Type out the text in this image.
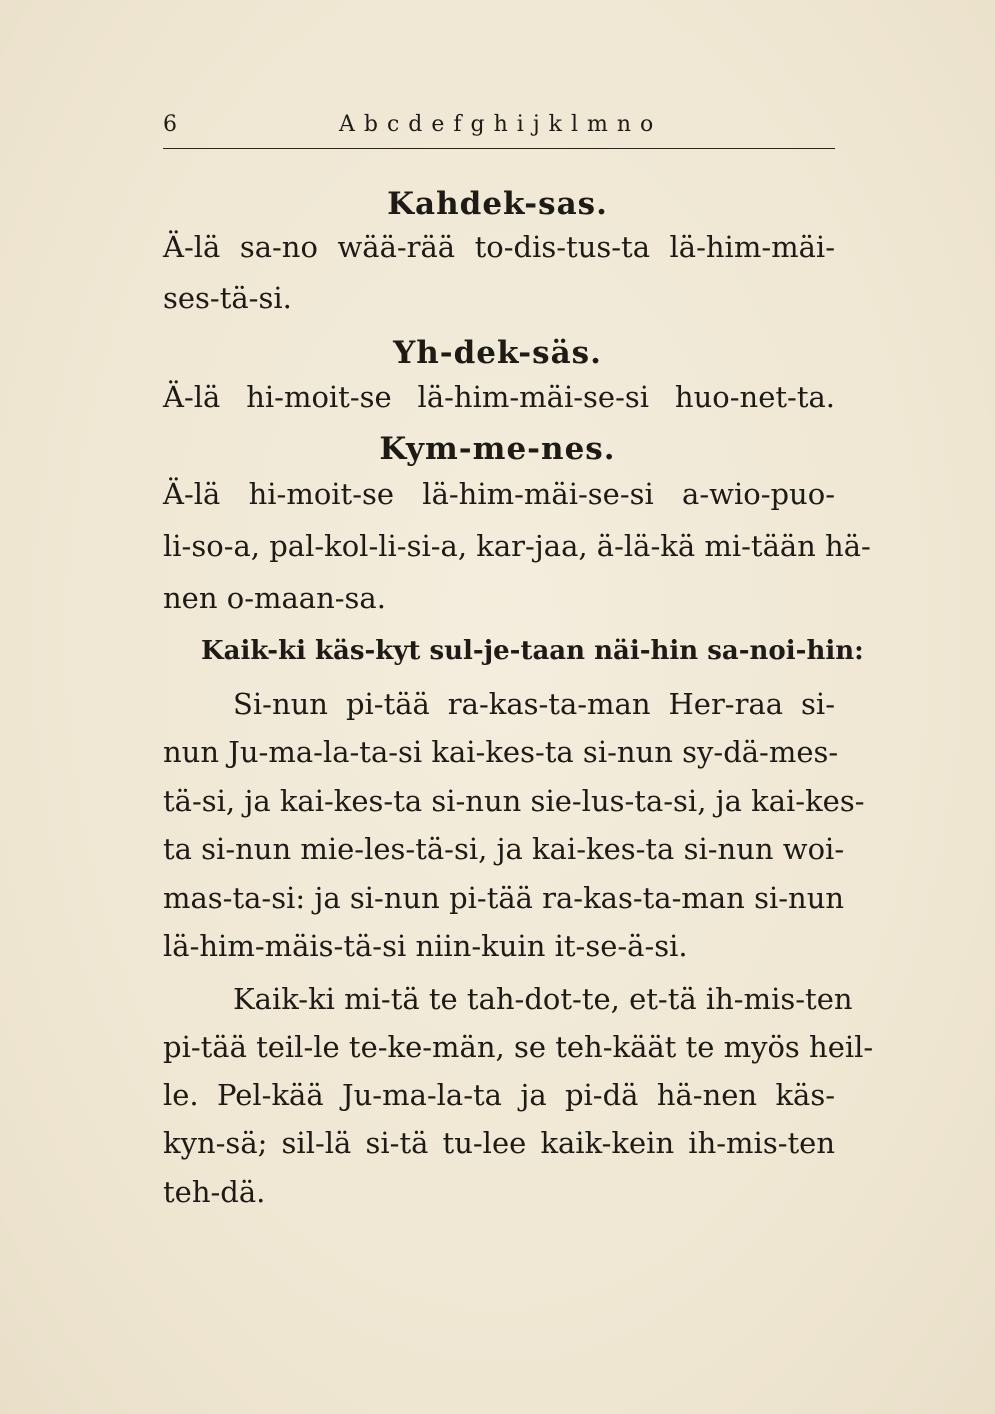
6	Abcdefghijklmno
Kahdek-sas.
Ä-lä sa-no wää-rää to-dis-tus-ta lä-him-mäi-
ses-tä-si.
Yh-dek-säs.
Ä-lä hi-moit-se lä-him-mäi-se-si huo-net-ta.
Kym-me-nes.
Ä-lä hi-moit-se lä-him-mäi-se-si a-wio-puo-
li-so-a, pal-kol-li-si-a, kar-jaa, ä-lä-kä mi-tään hä-
nen o-maan-sa.
Kaik-ki käs-kyt sul-je-taan näi-hin sa-noi-hin:
Si-nun pi-tää ra-kas-ta-man Her-raa si-
nun Ju-ma-la-ta-si kai-kes-ta si-nun sy-dä-mes-
tä-si, ja kai-kes-ta si-nun sie-lus-ta-si, ja kai-kes-
ta si-nun mie-les-tä-si, ja kai-kes-ta si-nun woi-
mas-ta-si: ja si-nun pi-tää ra-kas-ta-man si-nun
lä-him-mäis-tä-si niin-kuin it-se-ä-si.
Kaik-ki mi-tä te tah-dot-te, et-tä ih-mis-ten
pi-tää teil-le te-ke-män, se teh-käät te myös heil-
le. Pel-kää Ju-ma-la-ta ja pi-dä hä-nen käs-
kyn-sä; sil-lä si-tä tu-lee kaik-kein ih-mis-ten
teh-dä.
